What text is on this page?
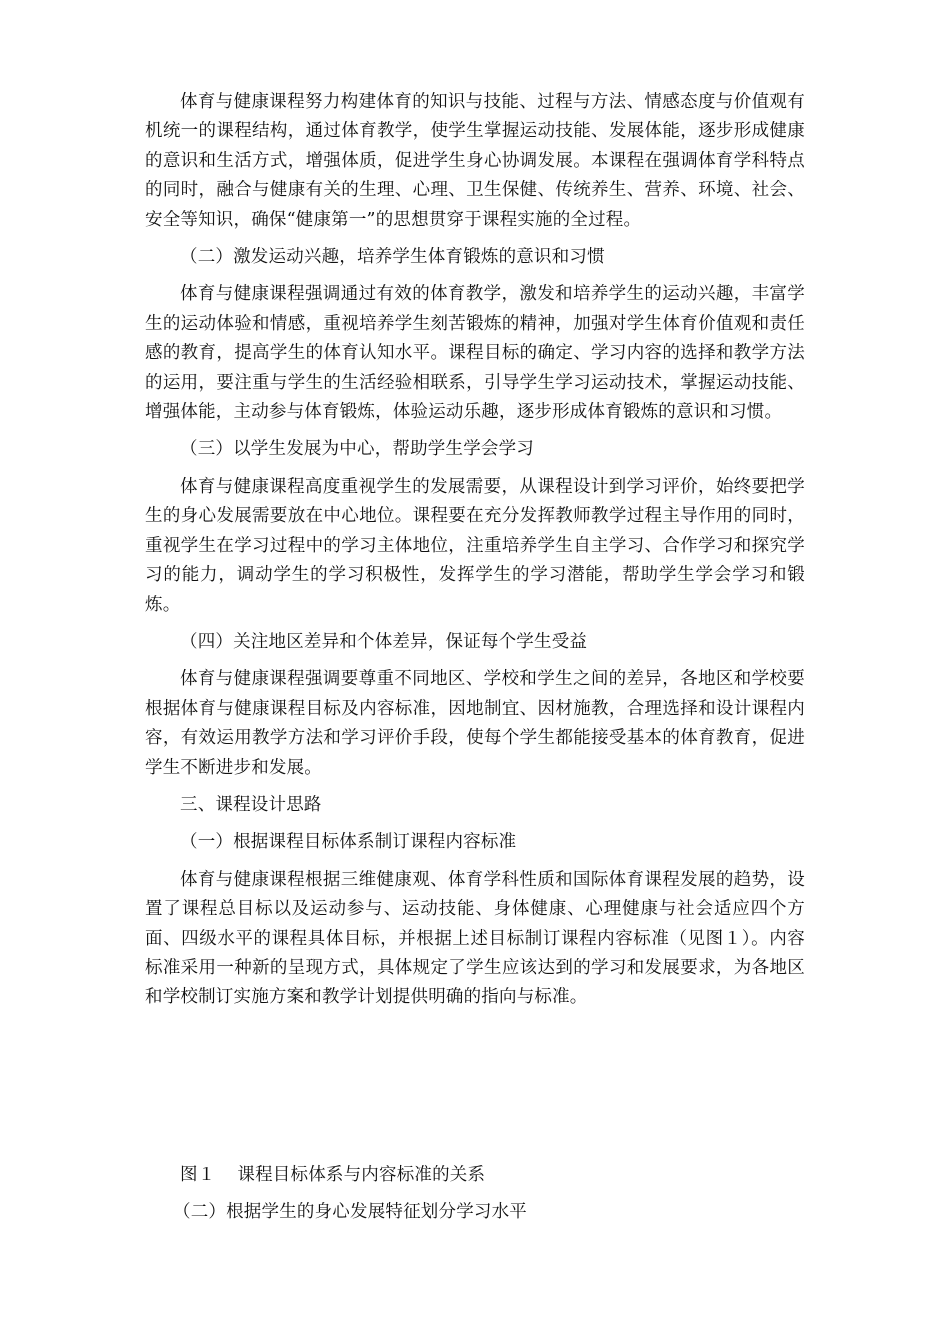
体育与健康课程努力构建体育的知识与技能、过程与方法、情感态度与价值观有机统一的课程结构，通过体育教学，使学生掌握运动技能、发展体能，逐步形成健康的意识和生活方式，增强体质，促进学生身心协调发展。本课程在强调体育学科特点的同时，融合与健康有关的生理、心理、卫生保健、传统养生、营养、环境、社会、安全等知识，确保“健康第一”的思想贯穿于课程实施的全过程。

（二）激发运动兴趣，培养学生体育锻炼的意识和习惯

体育与健康课程强调通过有效的体育教学，激发和培养学生的运动兴趣，丰富学生的运动体验和情感，重视培养学生刻苦锻炼的精神，加强对学生体育价值观和责任感的教育，提高学生的体育认知水平。课程目标的确定、学习内容的选择和教学方法的运用，要注重与学生的生活经验相联系，引导学生学习运动技术，掌握运动技能、增强体能，主动参与体育锻炼，体验运动乐趣，逐步形成体育锻炼的意识和习惯。

（三）以学生发展为中心，帮助学生学会学习

体育与健康课程高度重视学生的发展需要，从课程设计到学习评价，始终要把学生的身心发展需要放在中心地位。课程要在充分发挥教师教学过程主导作用的同时，重视学生在学习过程中的学习主体地位，注重培养学生自主学习、合作学习和探究学习的能力，调动学生的学习积极性，发挥学生的学习潜能，帮助学生学会学习和锻炼。

（四）关注地区差异和个体差异，保证每个学生受益

体育与健康课程强调要尊重不同地区、学校和学生之间的差异，各地区和学校要根据体育与健康课程目标及内容标准，因地制宜、因材施教，合理选择和设计课程内容，有效运用教学方法和学习评价手段，使每个学生都能接受基本的体育教育，促进学生不断进步和发展。

三、课程设计思路

（一）根据课程目标体系制订课程内容标准

体育与健康课程根据三维健康观、体育学科性质和国际体育课程发展的趋势，设置了课程总目标以及运动参与、运动技能、身体健康、心理健康与社会适应四个方面、四级水平的课程具体目标，并根据上述目标制订课程内容标准（见图１）。内容标准采用一种新的呈现方式，具体规定了学生应该达到的学习和发展要求，为各地区和学校制订实施方案和教学计划提供明确的指向与标准。

图１ 课程目标体系与内容标准的关系

（二）根据学生的身心发展特征划分学习水平
